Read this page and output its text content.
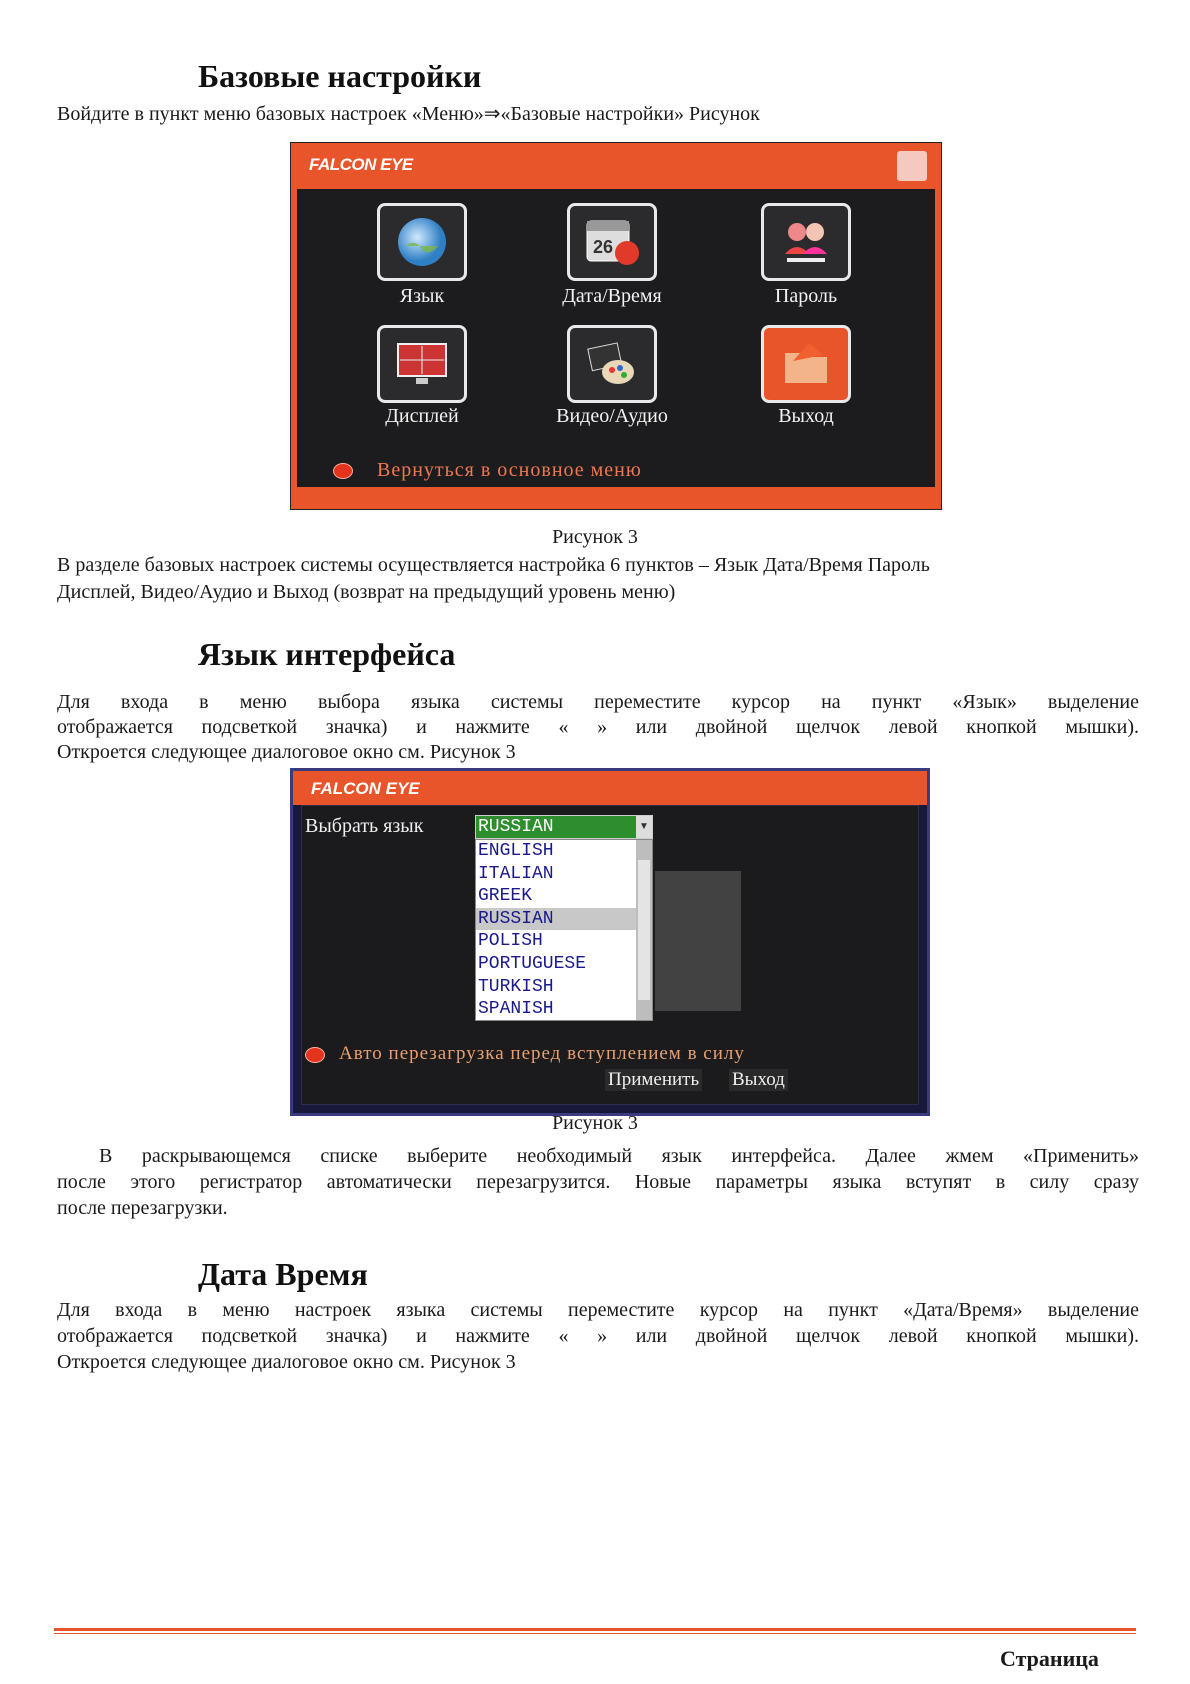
Базовые настройки
Войдите в пункт меню базовых настроек «Меню»⇒«Базовые настройки» Рисунок
FALCON EYE
Язык
26
Дата/Время	Пароль
Дисплей	Видео/Аудио	Выход
Вернуться в основное меню
Рисунок 3
В разделе базовых настроек системы осуществляется настройка 6 пунктов – Язык Дата/Время Пароль
Дисплей, Видео/Аудио и Выход (возврат на предыдущий уровень меню)
Язык интерфейса
Для входа в меню выбора языка системы переместите курсор на пункт «Язык» выделение
отображается подсветкой значка) и нажмите « » или двойной щелчок левой кнопкой мышки).
Откроется следующее диалоговое окно см. Рисунок 3
FALCON EYE
Выбрать язык	RUSSIAN	▼
ENGLISH
ITALIAN
GREEK
RUSSIAN
POLISH
PORTUGUESE
TURKISH
SPANISH
Авто перезагрузка перед вступлением в силу
Применить Выход
Рисунок 3
В раскрывающемся списке выберите необходимый язык интерфейса. Далее жмем «Применить»
после этого регистратор автоматически перезагрузится. Новые параметры языка вступят в силу сразу
после перезагрузки.
Дата Время
Для входа в меню настроек языка системы переместите курсор на пункт «Дата/Время» выделение
отображается подсветкой значка) и нажмите « » или двойной щелчок левой кнопкой мышки).
Откроется следующее диалоговое окно см. Рисунок 3
Страница
